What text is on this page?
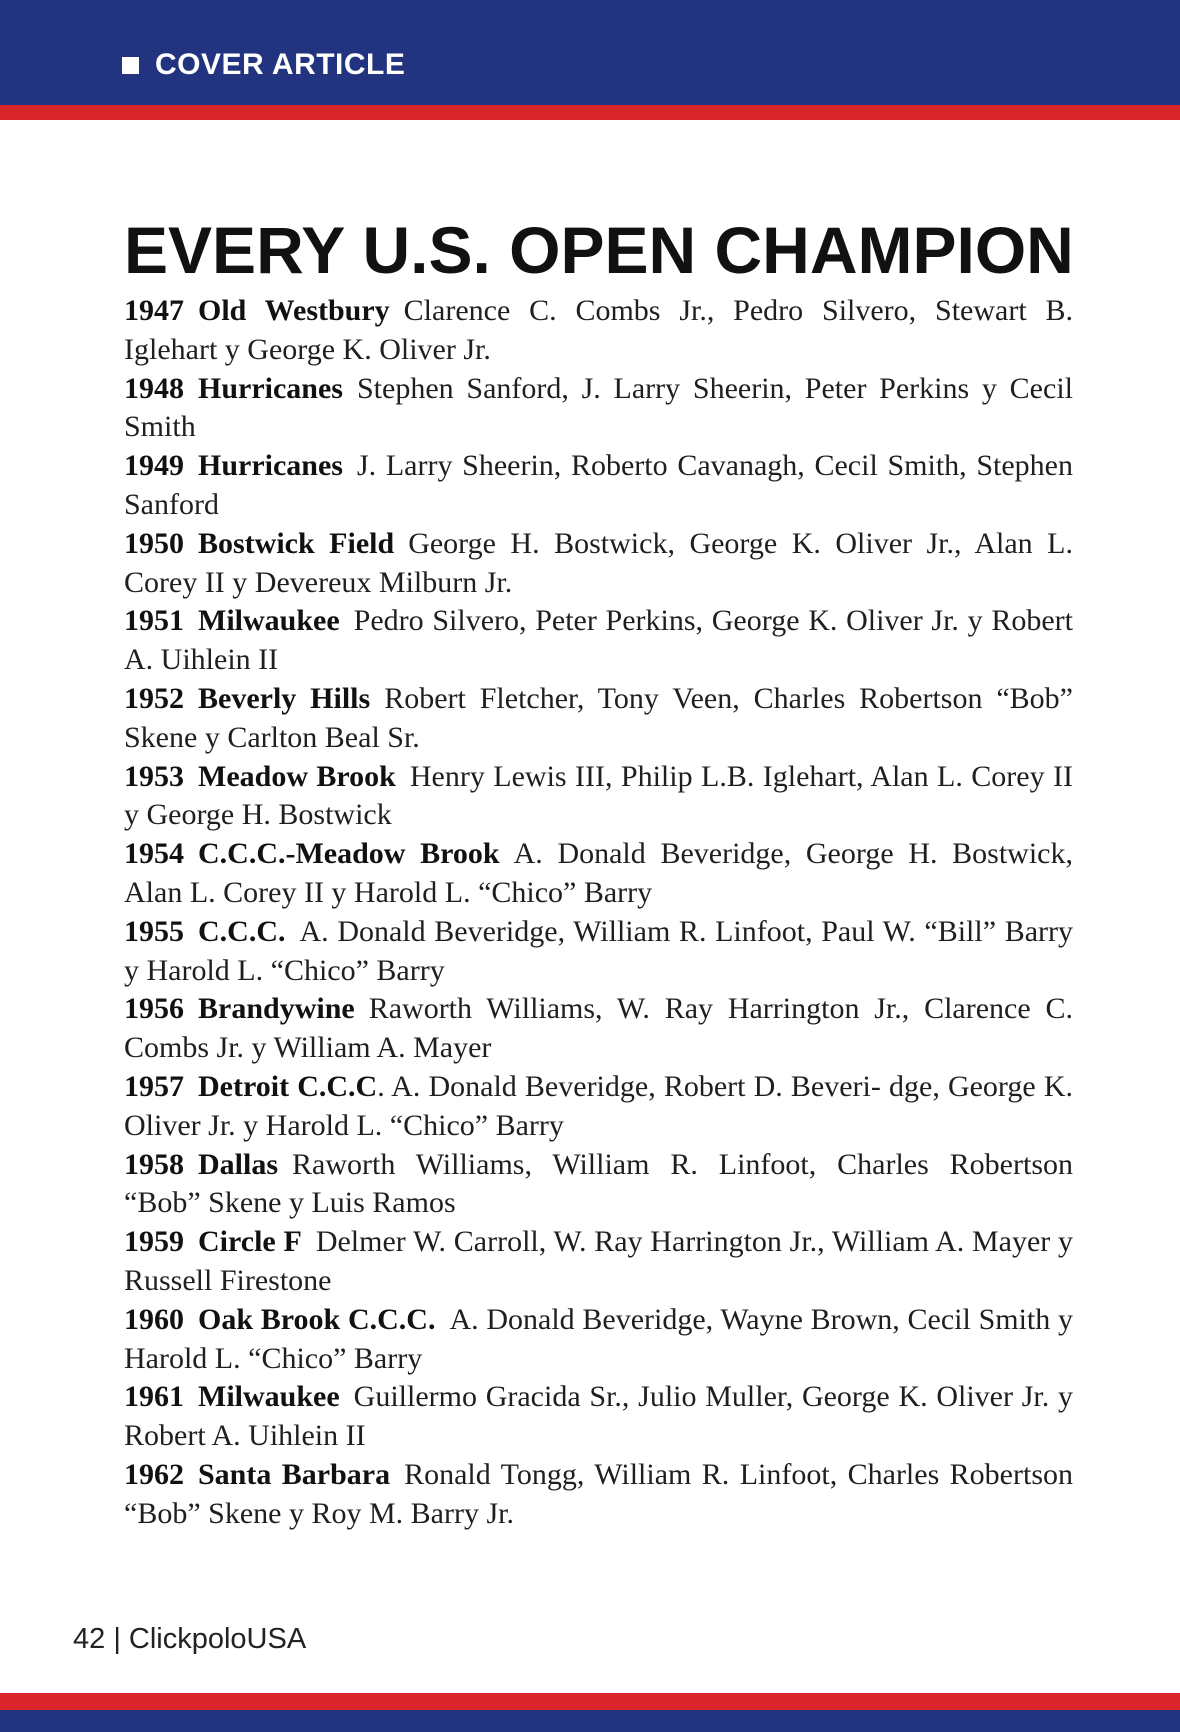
COVER ARTICLE
EVERY U.S. OPEN CHAMPION

1947 Old Westbury Clarence C. Combs Jr., Pedro Silvero, Stewart B. Iglehart y George K. Oliver Jr.

1948 Hurricanes Stephen Sanford, J. Larry Sheerin, Peter Perkins y Cecil Smith

1949 Hurricanes J. Larry Sheerin, Roberto Cavanagh, Cecil Smith, Stephen Sanford

1950 Bostwick Field George H. Bostwick, George K. Oliver Jr., Alan L. Corey II y Devereux Milburn Jr.

1951 Milwaukee Pedro Silvero, Peter Perkins, George K. Oliver Jr. y Robert A. Uihlein II

1952 Beverly Hills Robert Fletcher, Tony Veen, Charles Robertson “Bob” Skene y Carlton Beal Sr.

1953 Meadow Brook Henry Lewis III, Philip L.B. Iglehart, Alan L. Corey II y George H. Bostwick

1954 C.C.C.-Meadow Brook A. Donald Beveridge, George H. Bostwick, Alan L. Corey II y Harold L. “Chico” Barry

1955 C.C.C. A. Donald Beveridge, William R. Linfoot, Paul W. “Bill” Barry y Harold L. “Chico” Barry

1956 Brandywine Raworth Williams, W. Ray Harrington Jr., Clarence C. Combs Jr. y William A. Mayer

1957 Detroit C.C.C. A. Donald Beveridge, Robert D. Beveri- dge, George K. Oliver Jr. y Harold L. “Chico” Barry

1958 Dallas Raworth Williams, William R. Linfoot, Charles Robertson “Bob” Skene y Luis Ramos

1959 Circle F Delmer W. Carroll, W. Ray Harrington Jr., William A. Mayer y Russell Firestone

1960 Oak Brook C.C.C. A. Donald Beveridge, Wayne Brown, Cecil Smith y Harold L. “Chico” Barry

1961 Milwaukee Guillermo Gracida Sr., Julio Muller, George K. Oliver Jr. y Robert A. Uihlein II

1962 Santa Barbara Ronald Tongg, William R. Linfoot, Charles Robertson “Bob” Skene y Roy M. Barry Jr.

42 | ClickpoloUSA
